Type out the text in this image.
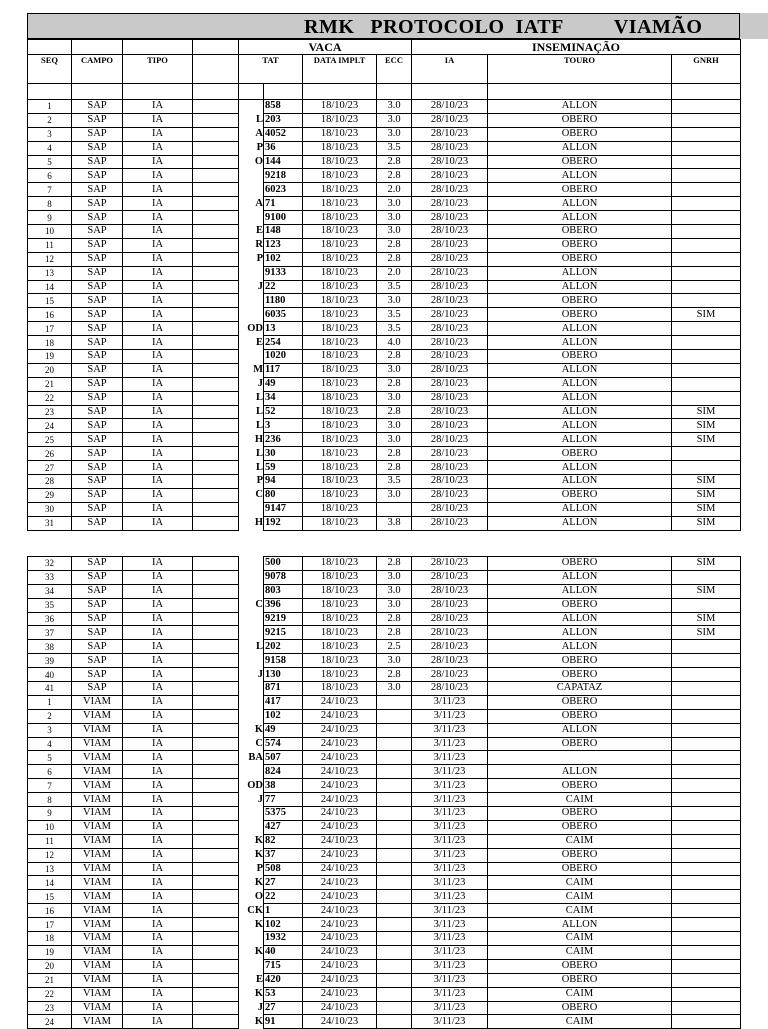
RMK PROTOCOLO  IATF	VIAMÃO
				VACA				INSEMINAÇÃO		
SEQ	CAMPO	TIPO		TAT		DATA IMPLT	ECC	IA	TOURO	GNRH

1	SAP	IA			858	18/10/23	3.0	28/10/23	ALLON	
2	SAP	IA		L	203	18/10/23	3.0	28/10/23	OBERO	
3	SAP	IA		A	4052	18/10/23	3.0	28/10/23	OBERO	
4	SAP	IA		P	36	18/10/23	3.5	28/10/23	ALLON	
5	SAP	IA		O	144	18/10/23	2.8	28/10/23	OBERO	
6	SAP	IA			9218	18/10/23	2.8	28/10/23	ALLON	
7	SAP	IA			6023	18/10/23	2.0	28/10/23	OBERO	
8	SAP	IA		A	71	18/10/23	3.0	28/10/23	ALLON	
9	SAP	IA			9100	18/10/23	3.0	28/10/23	ALLON	
10	SAP	IA		E	148	18/10/23	3.0	28/10/23	OBERO	
11	SAP	IA		R	123	18/10/23	2.8	28/10/23	OBERO	
12	SAP	IA		P	102	18/10/23	2.8	28/10/23	OBERO	
13	SAP	IA			9133	18/10/23	2.0	28/10/23	ALLON	
14	SAP	IA		J	22	18/10/23	3.5	28/10/23	ALLON	
15	SAP	IA			1180	18/10/23	3.0	28/10/23	OBERO	
16	SAP	IA			6035	18/10/23	3.5	28/10/23	OBERO	SIM
17	SAP	IA		OD	13	18/10/23	3.5	28/10/23	ALLON	
18	SAP	IA		E	254	18/10/23	4.0	28/10/23	ALLON	
19	SAP	IA			1020	18/10/23	2.8	28/10/23	OBERO	
20	SAP	IA		M	117	18/10/23	3.0	28/10/23	ALLON	
21	SAP	IA		J	49	18/10/23	2.8	28/10/23	ALLON	
22	SAP	IA		L	34	18/10/23	3.0	28/10/23	ALLON	
23	SAP	IA		L	52	18/10/23	2.8	28/10/23	ALLON	SIM
24	SAP	IA		L	3	18/10/23	3.0	28/10/23	ALLON	SIM
25	SAP	IA		H	236	18/10/23	3.0	28/10/23	ALLON	SIM
26	SAP	IA		L	30	18/10/23	2.8	28/10/23	OBERO	
27	SAP	IA		L	59	18/10/23	2.8	28/10/23	ALLON	
28	SAP	IA		P	94	18/10/23	3.5	28/10/23	ALLON	SIM
29	SAP	IA		C	80	18/10/23	3.0	28/10/23	OBERO	SIM
30	SAP	IA			9147	18/10/23		28/10/23	ALLON	SIM
31	SAP	IA		H	192	18/10/23	3.8	28/10/23	ALLON	SIM
32	SAP	IA			500	18/10/23	2.8	28/10/23	OBERO	SIM
33	SAP	IA			9078	18/10/23	3.0	28/10/23	ALLON	
34	SAP	IA			803	18/10/23	3.0	28/10/23	ALLON	SIM
35	SAP	IA		C	396	18/10/23	3.0	28/10/23	OBERO	
36	SAP	IA			9219	18/10/23	2.8	28/10/23	ALLON	SIM
37	SAP	IA			9215	18/10/23	2.8	28/10/23	ALLON	SIM
38	SAP	IA		L	202	18/10/23	2.5	28/10/23	ALLON	
39	SAP	IA			9158	18/10/23	3.0	28/10/23	OBERO	
40	SAP	IA		J	130	18/10/23	2.8	28/10/23	OBERO	
41	SAP	IA			871	18/10/23	3.0	28/10/23	CAPATAZ	
1	VIAM	IA			417	24/10/23		3/11/23	OBERO	
2	VIAM	IA			102	24/10/23		3/11/23	OBERO	
3	VIAM	IA		K	49	24/10/23		3/11/23	ALLON	
4	VIAM	IA		C	574	24/10/23		3/11/23	OBERO	
5	VIAM	IA		BA	507	24/10/23		3/11/23		
6	VIAM	IA			824	24/10/23		3/11/23	ALLON	
7	VIAM	IA		OD	38	24/10/23		3/11/23	OBERO	
8	VIAM	IA		J	77	24/10/23		3/11/23	CAIM	
9	VIAM	IA			5375	24/10/23		3/11/23	OBERO	
10	VIAM	IA			427	24/10/23		3/11/23	OBERO	
11	VIAM	IA		K	82	24/10/23		3/11/23	CAIM	
12	VIAM	IA		K	37	24/10/23		3/11/23	OBERO	
13	VIAM	IA		P	508	24/10/23		3/11/23	OBERO	
14	VIAM	IA		K	27	24/10/23		3/11/23	CAIM	
15	VIAM	IA		O	22	24/10/23		3/11/23	CAIM	
16	VIAM	IA		CK	1	24/10/23		3/11/23	CAIM	
17	VIAM	IA		K	102	24/10/23		3/11/23	ALLON	
18	VIAM	IA			1932	24/10/23		3/11/23	CAIM	
19	VIAM	IA		K	40	24/10/23		3/11/23	CAIM	
20	VIAM	IA			715	24/10/23		3/11/23	OBERO	
21	VIAM	IA		E	420	24/10/23		3/11/23	OBERO	
22	VIAM	IA		K	53	24/10/23		3/11/23	CAIM	
23	VIAM	IA		J	27	24/10/23		3/11/23	OBERO	
24	VIAM	IA		K	91	24/10/23		3/11/23	CAIM	
